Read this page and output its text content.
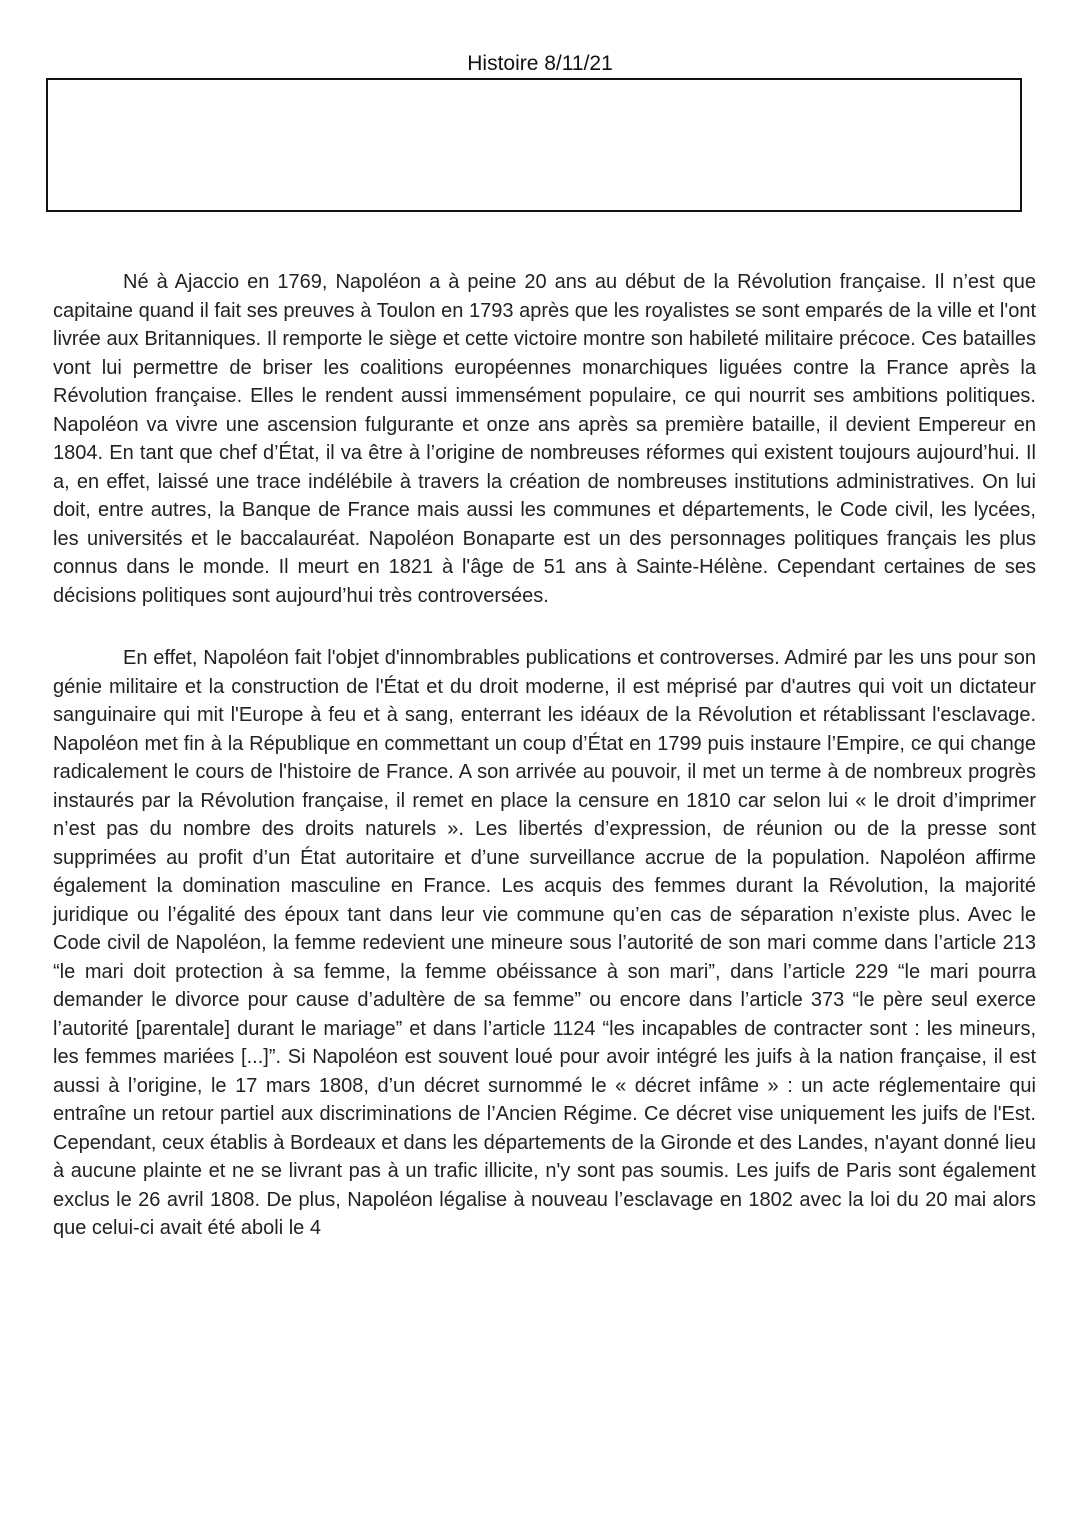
Histoire 8/11/21

Né à Ajaccio en 1769, Napoléon a à peine 20 ans au début de la Révolution française. Il n’est que capitaine quand il fait ses preuves à Toulon en 1793 après que les royalistes se sont emparés de la ville et l'ont livrée aux Britanniques. Il remporte le siège et cette victoire montre son habileté militaire précoce. Ces batailles vont lui permettre de briser les coalitions européennes monarchiques liguées contre la France après la Révolution française. Elles le rendent aussi immensément populaire, ce qui nourrit ses ambitions politiques. Napoléon va vivre une ascension fulgurante et onze ans après sa première bataille, il devient Empereur en 1804. En tant que chef d’État, il va être à l’origine de nombreuses réformes qui existent toujours aujourd’hui. Il a, en effet, laissé une trace indélébile à travers la création de nombreuses institutions administratives. On lui doit, entre autres, la Banque de France mais aussi les communes et départements, le Code civil, les lycées, les universités et le baccalauréat. Napoléon Bonaparte est un des personnages politiques français les plus connus dans le monde. Il meurt en 1821 à l'âge de 51 ans à Sainte-Hélène. Cependant certaines de ses décisions politiques sont aujourd’hui très controversées.

En effet, Napoléon fait l'objet d'innombrables publications et controverses. Admiré par les uns pour son génie militaire et la construction de l'État et du droit moderne, il est méprisé par d'autres qui voit un dictateur sanguinaire qui mit l'Europe à feu et à sang, enterrant les idéaux de la Révolution et rétablissant l'esclavage. Napoléon met fin à la République en commettant un coup d’État en 1799 puis instaure l’Empire, ce qui change radicalement le cours de l'histoire de France. A son arrivée au pouvoir, il met un terme à de nombreux progrès instaurés par la Révolution française, il remet en place la censure en 1810 car selon lui « le droit d’imprimer n’est pas du nombre des droits naturels ». Les libertés d’expression, de réunion ou de la presse sont supprimées au profit d’un État autoritaire et d’une surveillance accrue de la population. Napoléon affirme également la domination masculine en France. Les acquis des femmes durant la Révolution, la majorité juridique ou l’égalité des époux tant dans leur vie commune qu’en cas de séparation n’existe plus. Avec le Code civil de Napoléon, la femme redevient une mineure sous l’autorité de son mari comme dans l’article 213 “le mari doit protection à sa femme, la femme obéissance à son mari”, dans l’article 229 “le mari pourra demander le divorce pour cause d’adultère de sa femme” ou encore dans l’article 373 “le père seul exerce l’autorité [parentale] durant le mariage” et dans l’article 1124 “les incapables de contracter sont : les mineurs, les femmes mariées [...]”. Si Napoléon est souvent loué pour avoir intégré les juifs à la nation française, il est aussi à l’origine, le 17 mars 1808, d’un décret surnommé le « décret infâme » : un acte réglementaire qui entraîne un retour partiel aux discriminations de l’Ancien Régime. Ce décret vise uniquement les juifs de l'Est. Cependant, ceux établis à Bordeaux et dans les départements de la Gironde et des Landes, n'ayant donné lieu à aucune plainte et ne se livrant pas à un trafic illicite, n'y sont pas soumis. Les juifs de Paris sont également exclus le 26 avril 1808. De plus, Napoléon légalise à nouveau l’esclavage en 1802 avec la loi du 20 mai alors que celui-ci avait été aboli le 4
